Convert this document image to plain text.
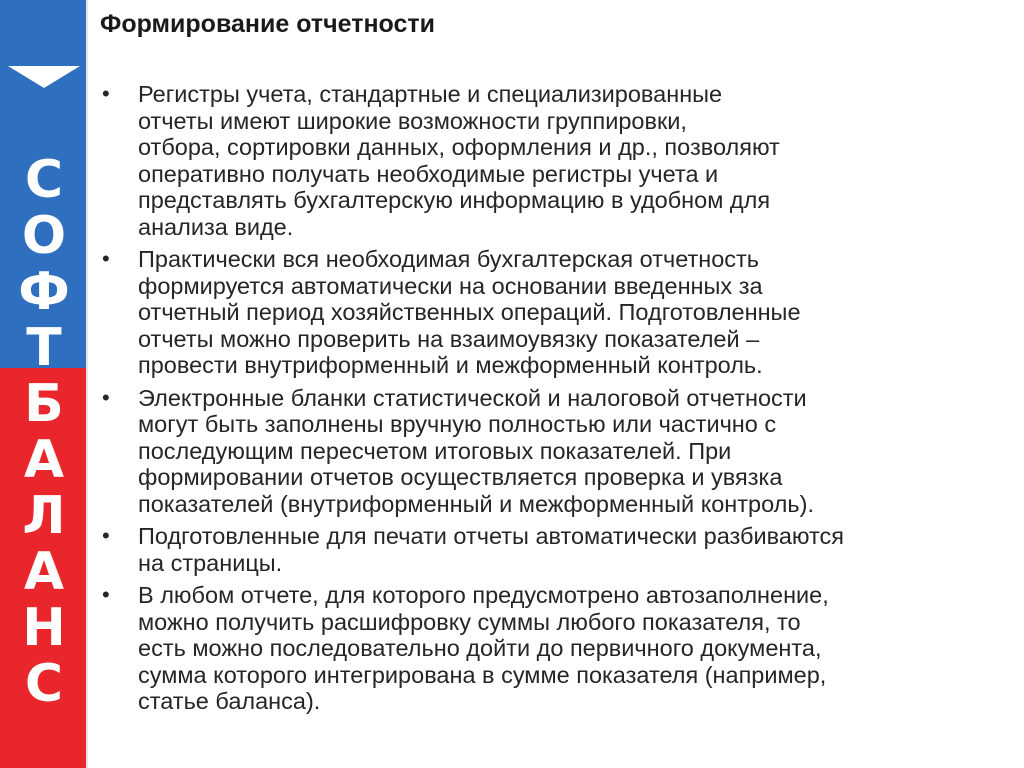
С
О
Ф
Т
Б
А
Л
А
Н
С
Формирование отчетности
• Регистры учета, стандартные и специализированные
отчеты имеют широкие возможности группировки,
отбора, сортировки данных, оформления и др., позволяют
оперативно получать необходимые регистры учета и
представлять бухгалтерскую информацию в удобном для
анализа виде.
• Практически вся необходимая бухгалтерская отчетность
формируется автоматически на основании введенных за
отчетный период хозяйственных операций. Подготовленные
отчеты можно проверить на взаимоувязку показателей –
провести внутриформенный и межформенный контроль.
• Электронные бланки статистической и налоговой отчетности
могут быть заполнены вручную полностью или частично с
последующим пересчетом итоговых показателей. При
формировании отчетов осуществляется проверка и увязка
показателей (внутриформенный и межформенный контроль).
• Подготовленные для печати отчеты автоматически разбиваются
на страницы.
• В любом отчете, для которого предусмотрено автозаполнение,
можно получить расшифровку суммы любого показателя, то
есть можно последовательно дойти до первичного документа,
сумма которого интегрирована в сумме показателя (например,
статье баланса).
